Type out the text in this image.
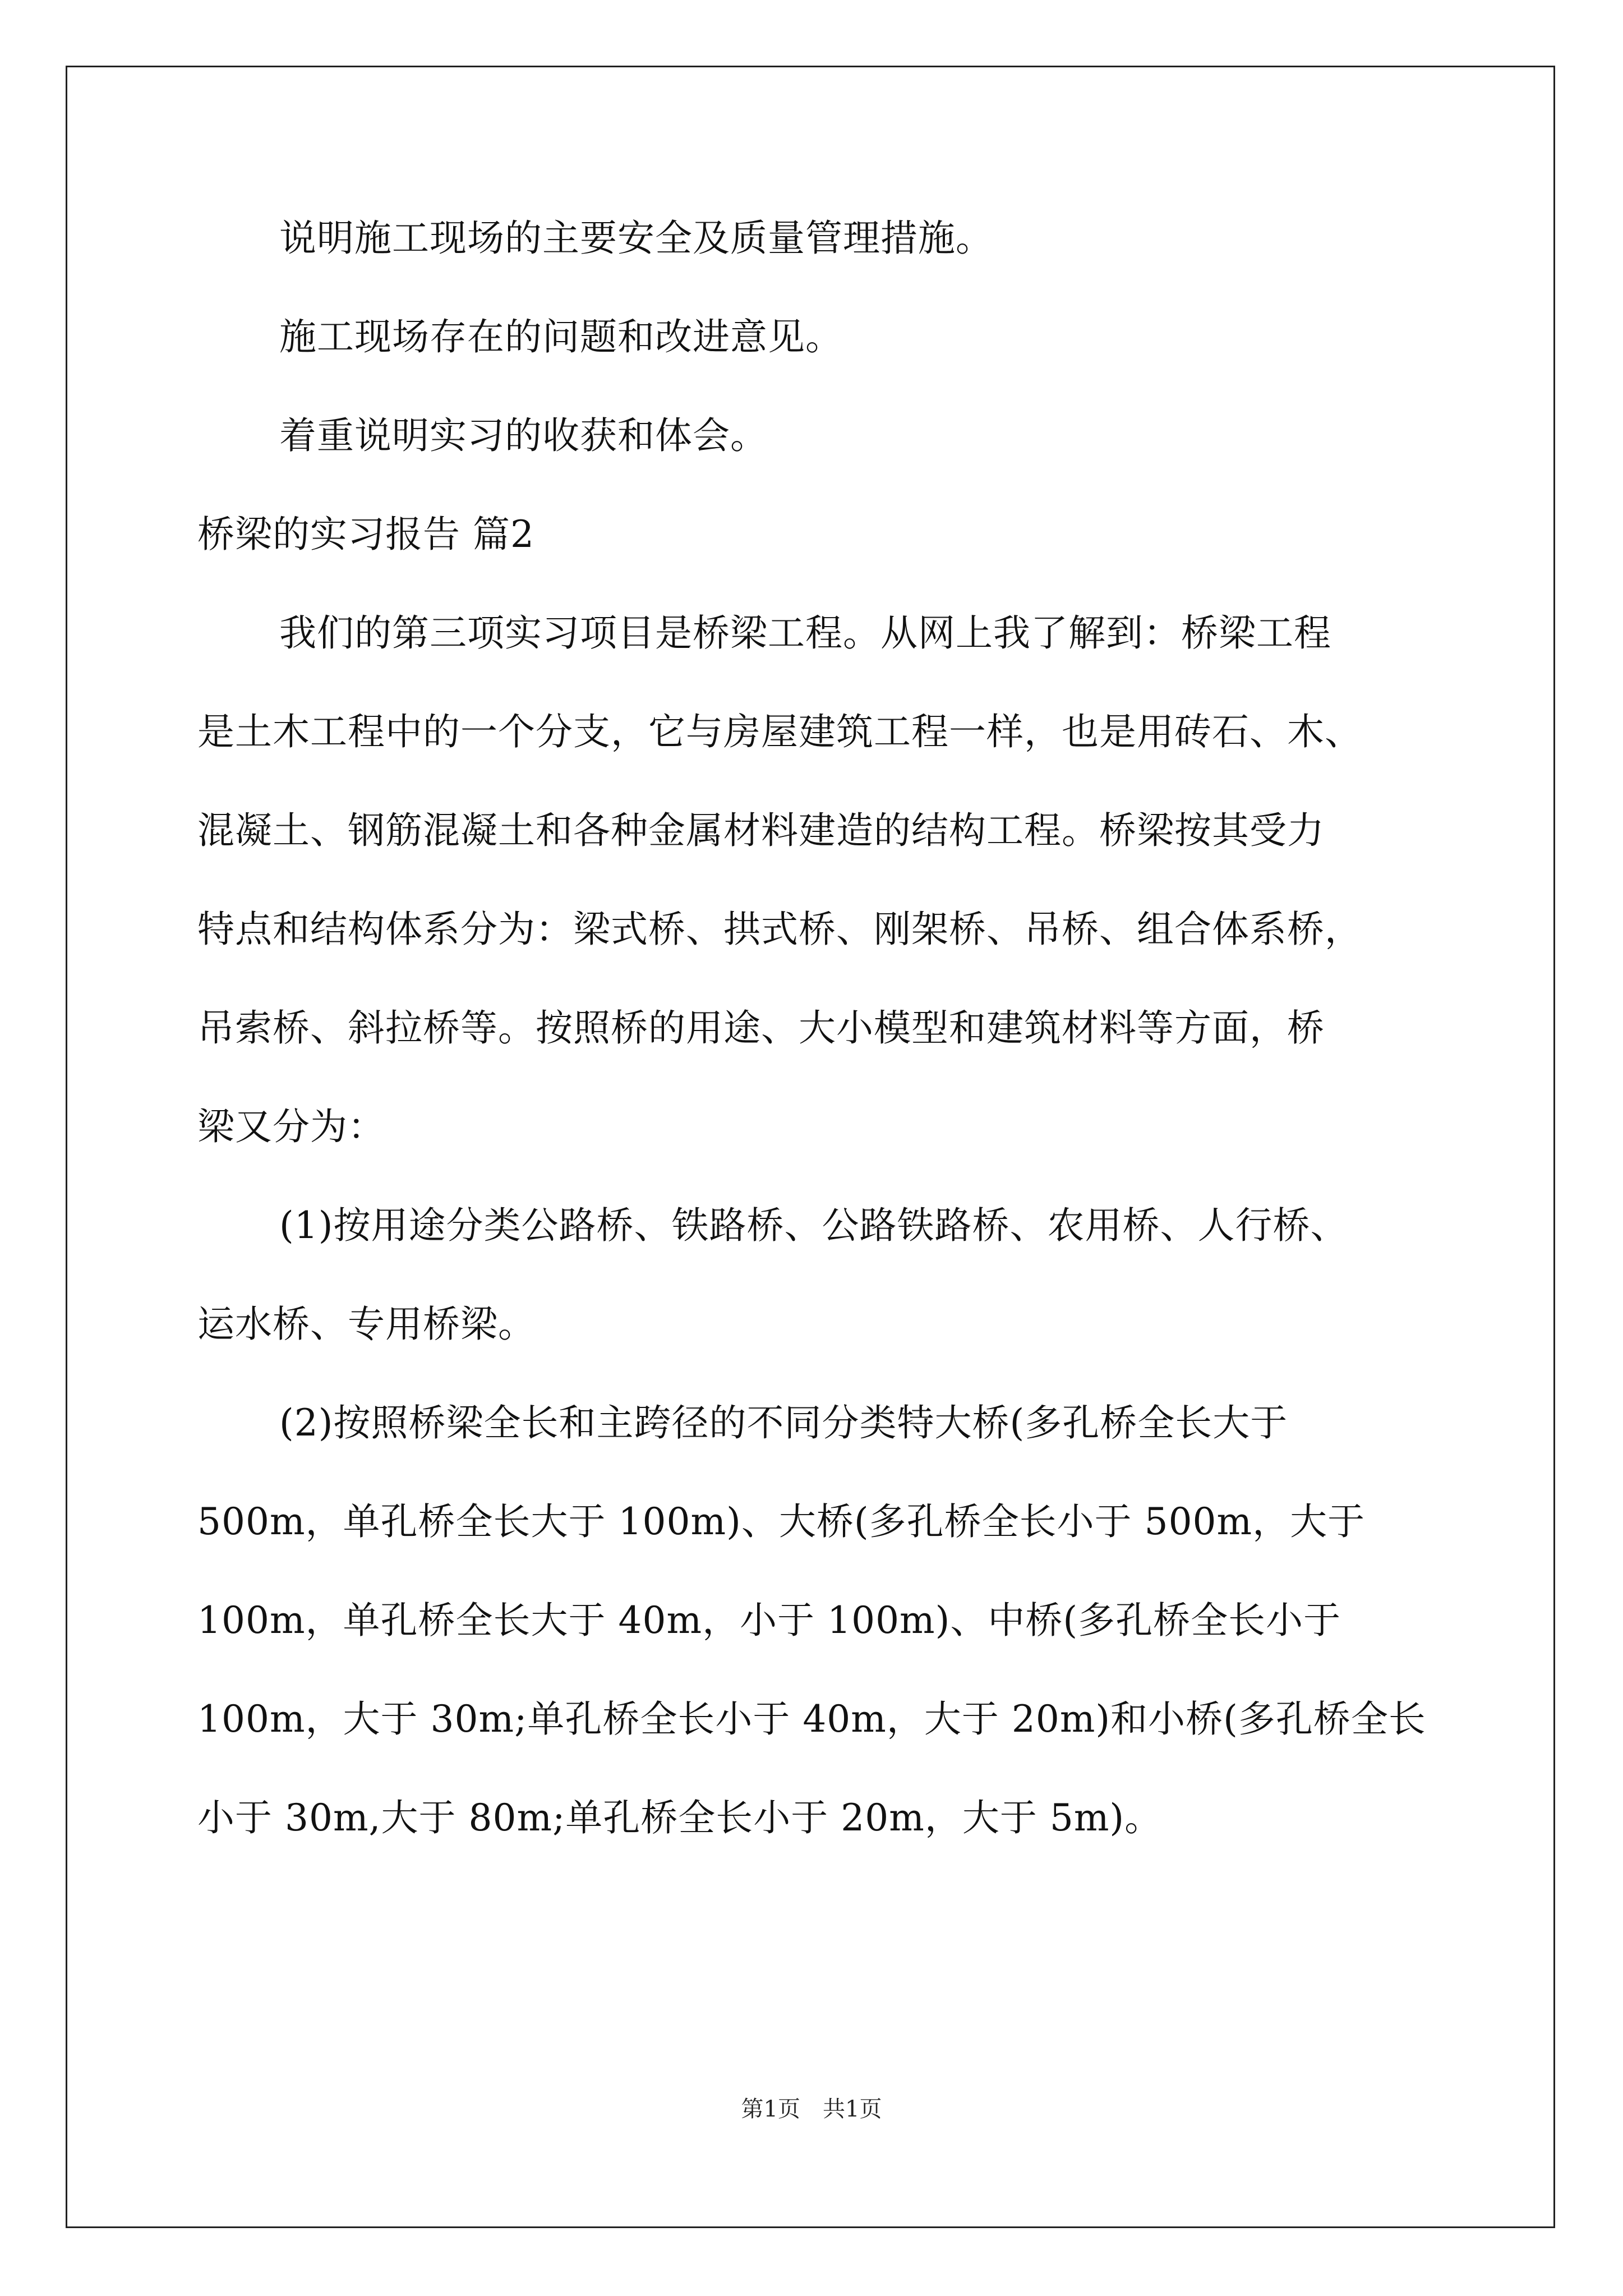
说明施工现场的主要安全及质量管理措施。
施工现场存在的问题和改进意见。
着重说明实习的收获和体会。
桥梁的实习报告 篇2
我们的第三项实习项目是桥梁工程。从网上我了解到：桥梁工程
是土木工程中的一个分支，它与房屋建筑工程一样，也是用砖石、木、
混凝土、钢筋混凝土和各种金属材料建造的结构工程。桥梁按其受力
特点和结构体系分为：梁式桥、拱式桥、刚架桥、吊桥、组合体系桥，
吊索桥、斜拉桥等。按照桥的用途、大小模型和建筑材料等方面，桥
梁又分为：
(1)按用途分类公路桥、铁路桥、公路铁路桥、农用桥、人行桥、
运水桥、专用桥梁。
(2)按照桥梁全长和主跨径的不同分类特大桥(多孔桥全长大于
500m，单孔桥全长大于 100m)、大桥(多孔桥全长小于 500m，大于
100m，单孔桥全长大于 40m，小于 100m)、中桥(多孔桥全长小于
100m，大于 30m;单孔桥全长小于 40m，大于 20m)和小桥(多孔桥全长
小于 30m,大于 80m;单孔桥全长小于 20m，大于 5m)。
第1页　共1页
